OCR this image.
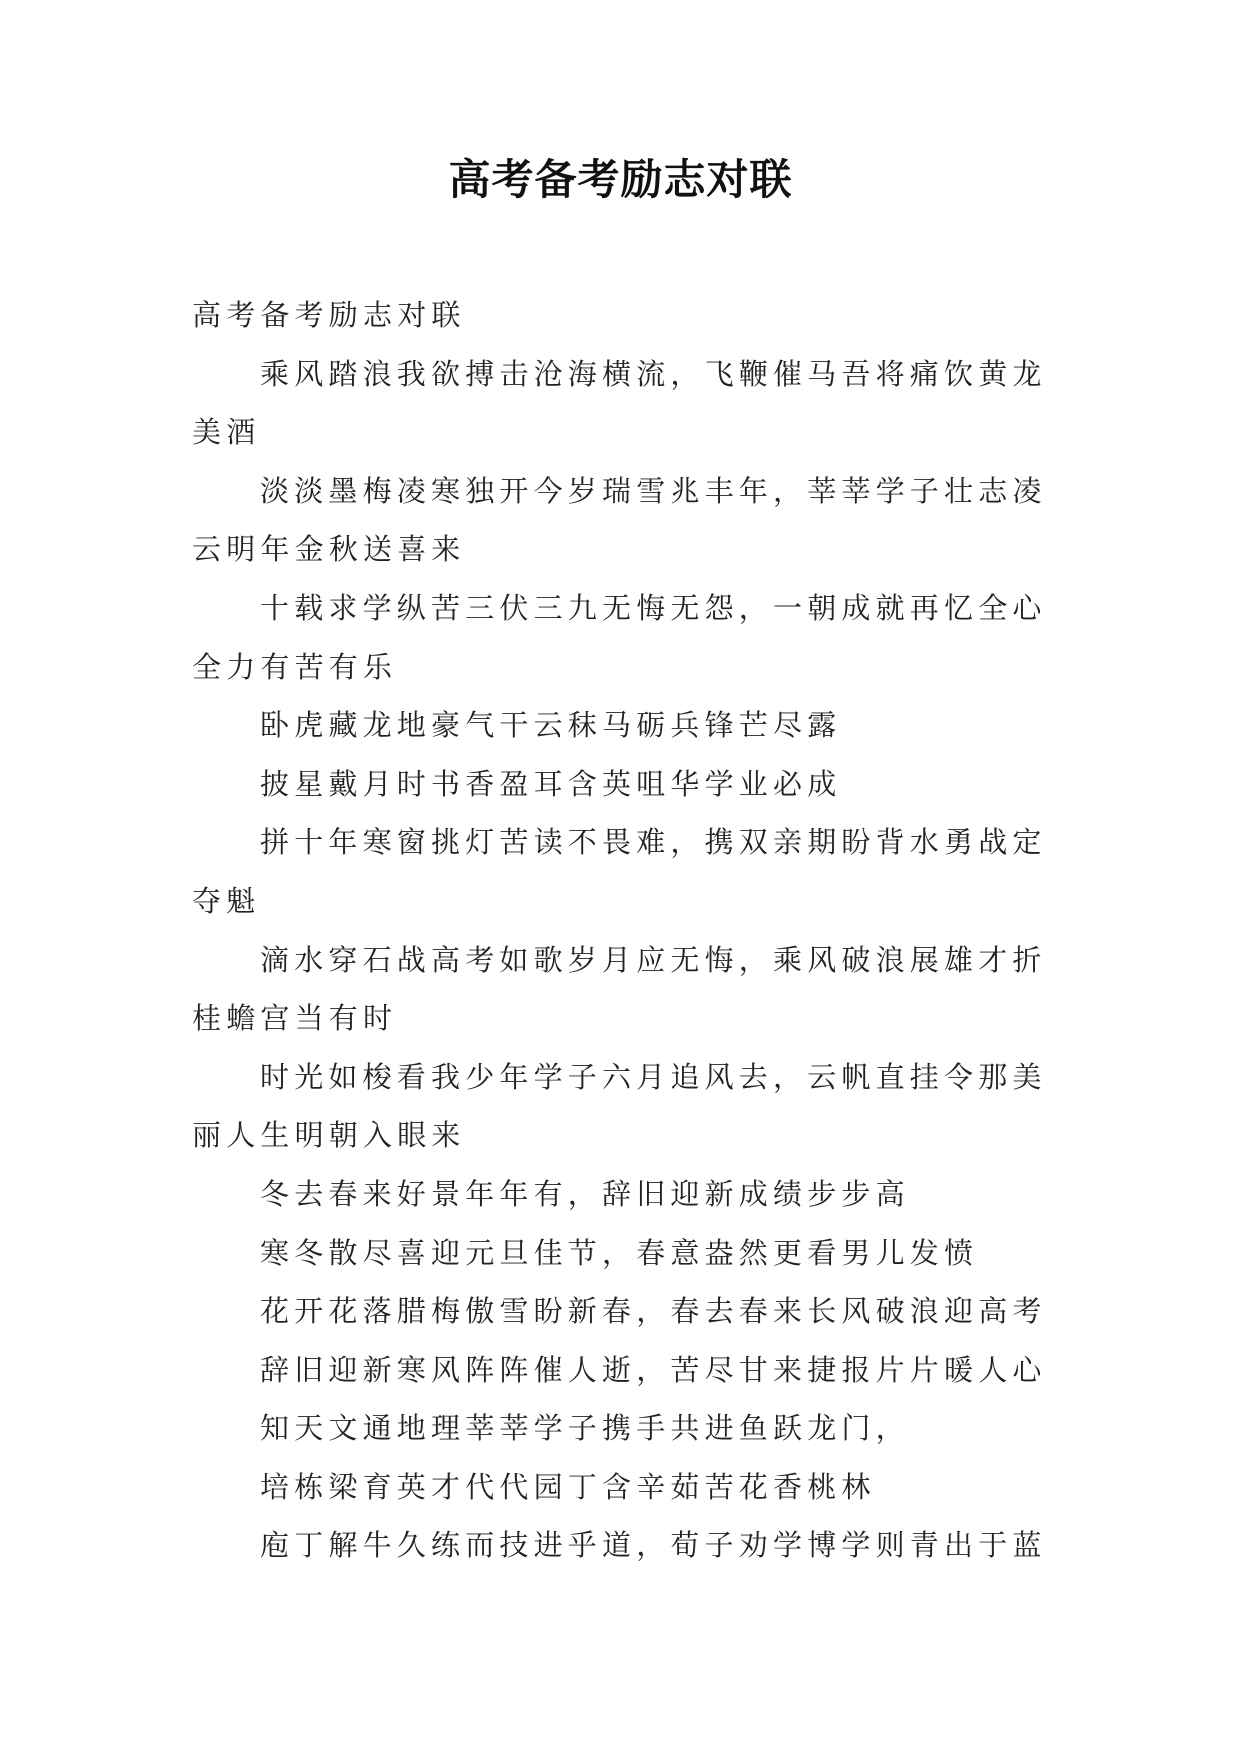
高考备考励志对联
高考备考励志对联
乘风踏浪我欲搏击沧海横流，飞鞭催马吾将痛饮黄龙美酒
淡淡墨梅凌寒独开今岁瑞雪兆丰年，莘莘学子壮志凌云明年金秋送喜来
十载求学纵苦三伏三九无悔无怨，一朝成就再忆全心全力有苦有乐
卧虎藏龙地豪气干云秣马砺兵锋芒尽露
披星戴月时书香盈耳含英咀华学业必成
拼十年寒窗挑灯苦读不畏难，携双亲期盼背水勇战定夺魁
滴水穿石战高考如歌岁月应无悔，乘风破浪展雄才折桂蟾宫当有时
时光如梭看我少年学子六月追风去，云帆直挂令那美丽人生明朝入眼来
冬去春来好景年年有，辞旧迎新成绩步步高
寒冬散尽喜迎元旦佳节，春意盎然更看男儿发愤
花开花落腊梅傲雪盼新春，春去春来长风破浪迎高考
辞旧迎新寒风阵阵催人逝，苦尽甘来捷报片片暖人心
知天文通地理莘莘学子携手共进鱼跃龙门，
培栋梁育英才代代园丁含辛茹苦花香桃林
庖丁解牛久练而技进乎道，荀子劝学博学则青出于蓝
